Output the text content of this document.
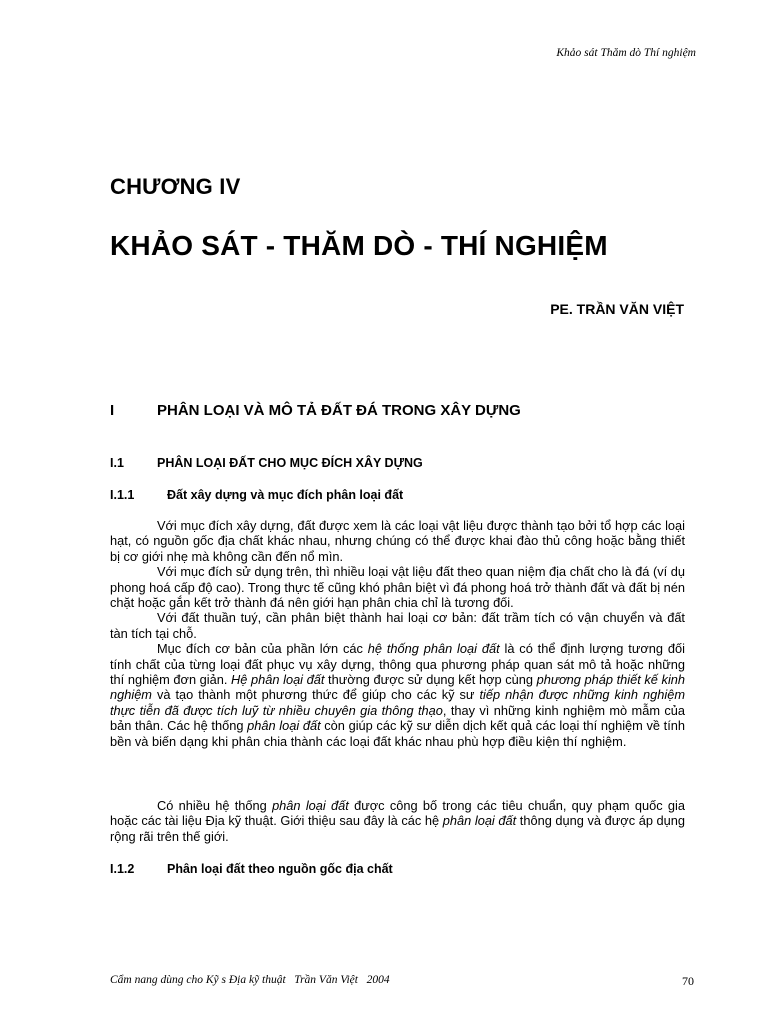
Khảo sát Thăm dò Thí nghiệm
CHƯƠNG IV
KHẢO SÁT - THĂM DÒ - THÍ NGHIỆM
PE. TRẦN VĂN VIỆT
I	PHÂN LOẠI VÀ MÔ TẢ ĐẤT ĐÁ TRONG XÂY DỰNG
I.1	PHÂN LOẠI ĐẤT CHO MỤC ĐÍCH XÂY DỰNG
I.1.1	Đất xây dựng và mục đích phân loại đất

Với mục đích xây dựng, đất được xem là các loại vật liệu được thành tạo bởi tổ hợp các loại hạt, có nguồn gốc địa chất khác nhau, nhưng chúng có thể được khai đào thủ công hoặc bằng thiết bị cơ giới nhẹ mà không cần đến nổ mìn.

Với mục đích sử dụng trên, thì nhiều loại vật liệu đất theo quan niệm địa chất cho là đá (ví dụ phong hoá cấp độ cao). Trong thực tế cũng khó phân biệt vì đá phong hoá trở thành đất và đất bị nén chặt hoặc gắn kết trở thành đá nên giới hạn phân chia chỉ là tương đối.

Với đất thuần tuý, cần phân biệt thành hai loại cơ bản: đất trầm tích có vận chuyển và đất tàn tích tại chỗ.

Mục đích cơ bản của phần lớn các hệ thống phân loại đất là có thể định lượng tương đối tính chất của từng loại đất phục vụ xây dựng, thông qua phương pháp quan sát mô tả hoặc những thí nghiệm đơn giản. Hệ phân loại đất thường được sử dụng kết hợp cùng phương pháp thiết kế kinh nghiệm và tạo thành một phương thức để giúp cho các kỹ sư tiếp nhận được những kinh nghiệm thực tiễn đã được tích luỹ từ nhiều chuyên gia thông thạo, thay vì những kinh nghiệm mò mẫm của bản thân. Các hệ thống phân loại đất còn giúp các kỹ sư diễn dịch kết quả các loại thí nghiệm về tính bền và biến dạng khi phân chia thành các loại đất khác nhau phù hợp điều kiện thí nghiệm.

Có nhiều hệ thống phân loại đất được công bố trong các tiêu chuẩn, quy phạm quốc gia hoặc các tài liệu Địa kỹ thuật. Giới thiệu sau đây là các hệ phân loại đất thông dụng và được áp dụng rộng rãi trên thế giới.

I.1.2	Phân loại đất theo nguồn gốc địa chất
Cẩm nang dùng cho Kỹ s Địa kỹ thuật   Trần Văn Việt   2004	70
